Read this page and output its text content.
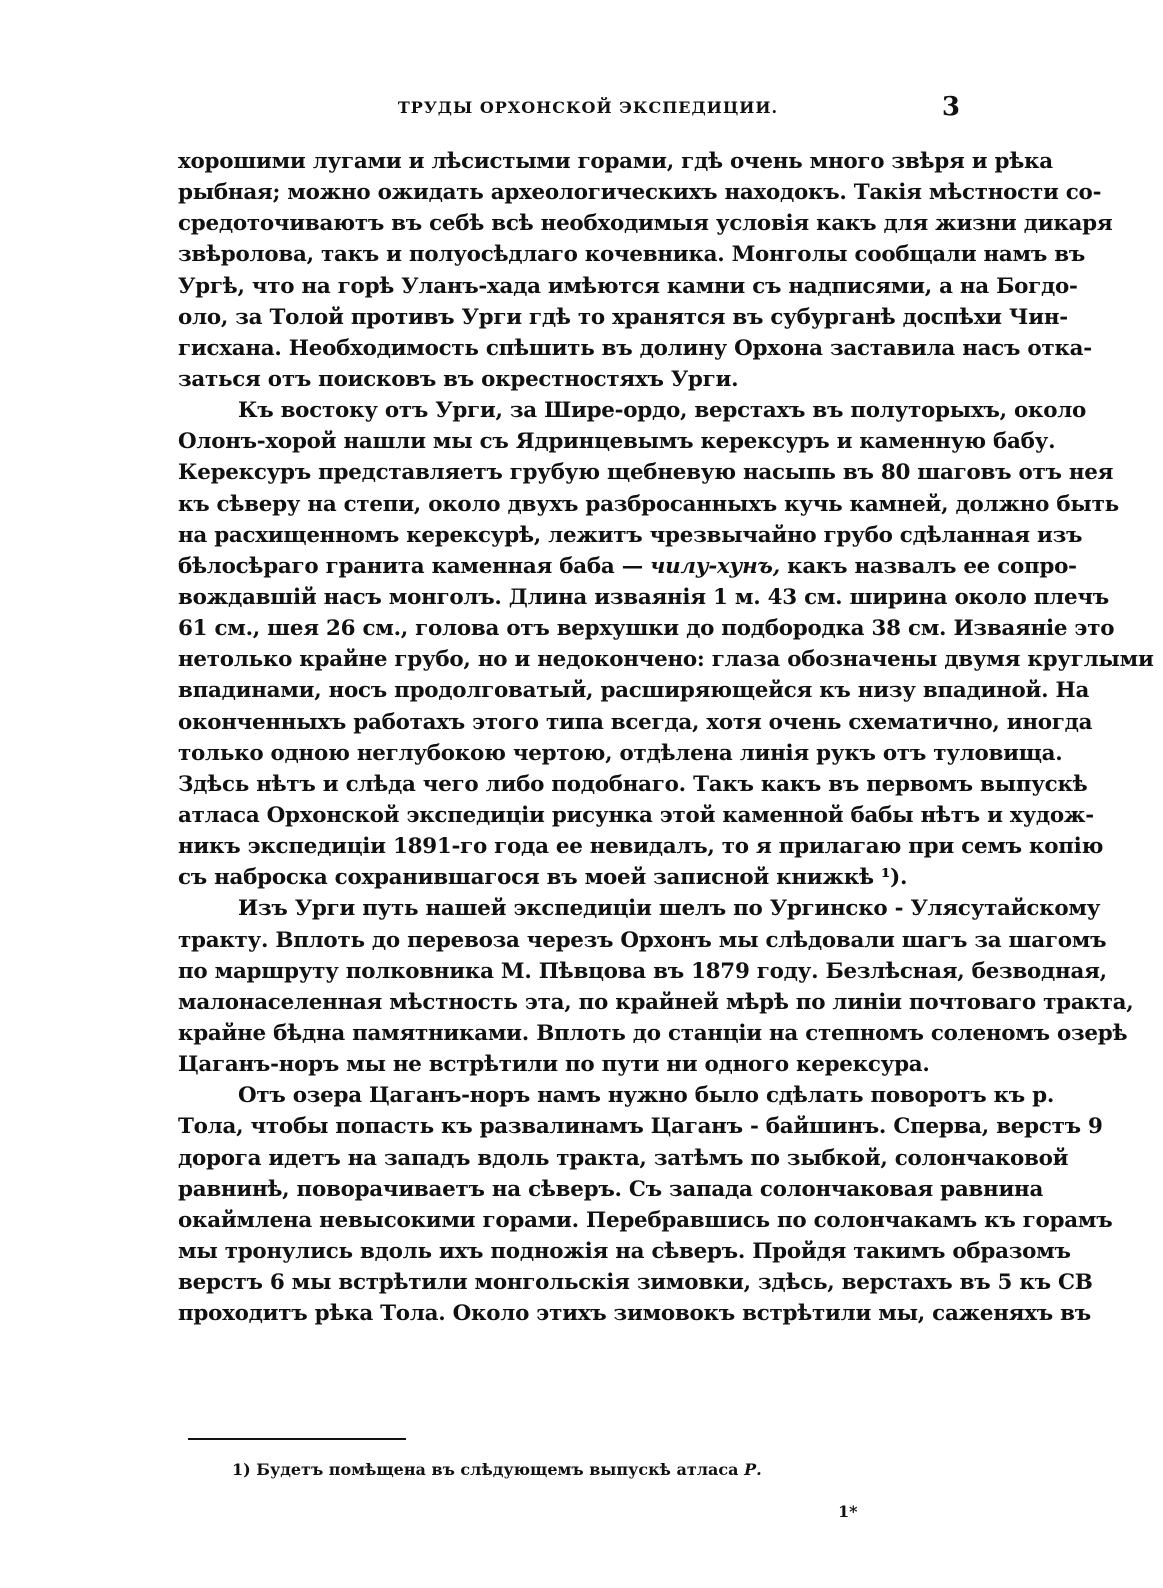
ТРУДЫ ОРХОНСКОЙ ЭКСПЕДИЦИИ.	3
хорошими лугами и лѣсистыми горами, гдѣ очень много звѣря и рѣка
рыбная; можно ожидать археологическихъ находокъ. Такія мѣстности со-
средоточиваютъ въ себѣ всѣ необходимыя условія какъ для жизни дикаря
звѣролова, такъ и полуосѣдлаго кочевника. Монголы сообщали намъ въ
Ургѣ, что на горѣ Уланъ-хада имѣются камни съ надписями, а на Богдо-
оло, за Толой противъ Урги гдѣ то хранятся въ субурганѣ доспѣхи Чин-
гисхана. Необходимость спѣшить въ долину Орхона заставила насъ отка-
заться отъ поисковъ въ окрестностяхъ Урги.
Къ востоку отъ Урги, за Шире-ордо, верстахъ въ полуторыхъ, около
Олонъ-хорой нашли мы съ Ядринцевымъ керексуръ и каменную бабу.
Керексуръ представляетъ грубую щебневую насыпь въ 80 шаговъ отъ нея
къ сѣверу на степи, около двухъ разбросанныхъ кучь камней, должно быть
на расхищенномъ керексурѣ, лежитъ чрезвычайно грубо сдѣланная изъ
бѣлосѣраго гранита каменная баба — чилу-хунъ, какъ назвалъ ее сопро-
вождавшій насъ монголъ. Длина изваянія 1 м. 43 см. ширина около плечъ
61 см., шея 26 см., голова отъ верхушки до подбородка 38 см. Изваяніе это
нетолько крайне грубо, но и недокончено: глаза обозначены двумя круглыми
впадинами, носъ продолговатый, расширяющейся къ низу впадиной. На
оконченныхъ работахъ этого типа всегда, хотя очень схематично, иногда
только одною неглубокою чертою, отдѣлена линія рукъ отъ туловища.
Здѣсь нѣтъ и слѣда чего либо подобнаго. Такъ какъ въ первомъ выпускѣ
атласа Орхонской экспедиціи рисунка этой каменной бабы нѣтъ и худож-
никъ экспедиціи 1891-го года ее невидалъ, то я прилагаю при семъ копію
съ наброска сохранившагося въ моей записной книжкѣ ¹).
Изъ Урги путь нашей экспедиціи шелъ по Ургинско - Улясутайскому
тракту. Вплоть до перевоза черезъ Орхонъ мы слѣдовали шагъ за шагомъ
по маршруту полковника М. Пѣвцова въ 1879 году. Безлѣсная, безводная,
малонаселенная мѣстность эта, по крайней мѣрѣ по линіи почтоваго тракта,
крайне бѣдна памятниками. Вплоть до станціи на степномъ соленомъ озерѣ
Цаганъ-норъ мы не встрѣтили по пути ни одного керексура.
Отъ озера Цаганъ-норъ намъ нужно было сдѣлать поворотъ къ р.
Тола, чтобы попасть къ развалинамъ Цаганъ - байшинъ. Сперва, верстъ 9
дорога идетъ на западъ вдоль тракта, затѣмъ по зыбкой, солончаковой
равнинѣ, поворачиваетъ на сѣверъ. Съ запада солончаковая равнина
окаймлена невысокими горами. Перебравшись по солончакамъ къ горамъ
мы тронулись вдоль ихъ подножія на сѣверъ. Пройдя такимъ образомъ
верстъ 6 мы встрѣтили монгольскія зимовки, здѣсь, верстахъ въ 5 къ СВ
проходитъ рѣка Тола. Около этихъ зимовокъ встрѣтили мы, саженяхъ въ
1) Будетъ помѣщена въ слѣдующемъ выпускѣ атласа Р.
1*
